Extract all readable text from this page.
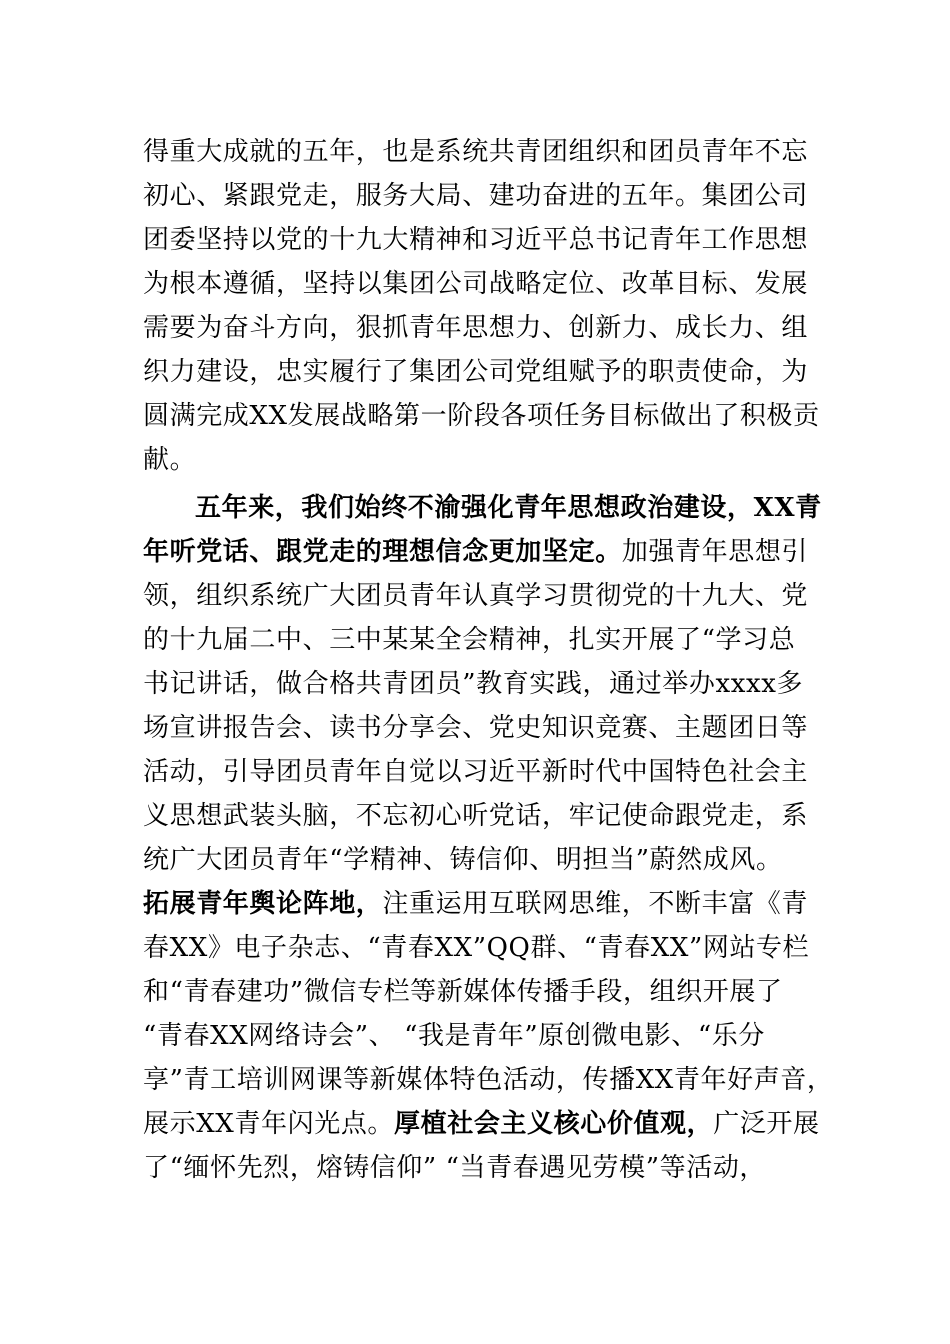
得重大成就的五年，也是系统共青团组织和团员青年不忘
初心、紧跟党走，服务大局、建功奋进的五年。集团公司
团委坚持以党的十九大精神和习近平总书记青年工作思想
为根本遵循，坚持以集团公司战略定位、改革目标、发展
需要为奋斗方向，狠抓青年思想力、创新力、成长力、组
织力建设，忠实履行了集团公司党组赋予的职责使命，为
圆满完成XX发展战略第一阶段各项任务目标做出了积极贡
献。
五年来，我们始终不渝强化青年思想政治建设，XX青
年听党话、跟党走的理想信念更加坚定。加强青年思想引
领，组织系统广大团员青年认真学习贯彻党的十九大、党
的十九届二中、三中某某全会精神，扎实开展了“学习总
书记讲话，做合格共青团员”教育实践，通过举办xxxx多
场宣讲报告会、读书分享会、党史知识竞赛、主题团日等
活动，引导团员青年自觉以习近平新时代中国特色社会主
义思想武装头脑，不忘初心听党话，牢记使命跟党走，系
统广大团员青年“学精神、铸信仰、明担当”蔚然成风。
拓展青年舆论阵地，注重运用互联网思维，不断丰富《青
春XX》电子杂志、“青春XX”QQ群、“青春XX”网站专栏
和“青春建功”微信专栏等新媒体传播手段，组织开展了
“青春XX网络诗会”、 “我是青年”原创微电影、“乐分
享”青工培训网课等新媒体特色活动，传播XX青年好声音，
展示XX青年闪光点。厚植社会主义核心价值观，广泛开展
了“缅怀先烈，熔铸信仰” “当青春遇见劳模”等活动，
